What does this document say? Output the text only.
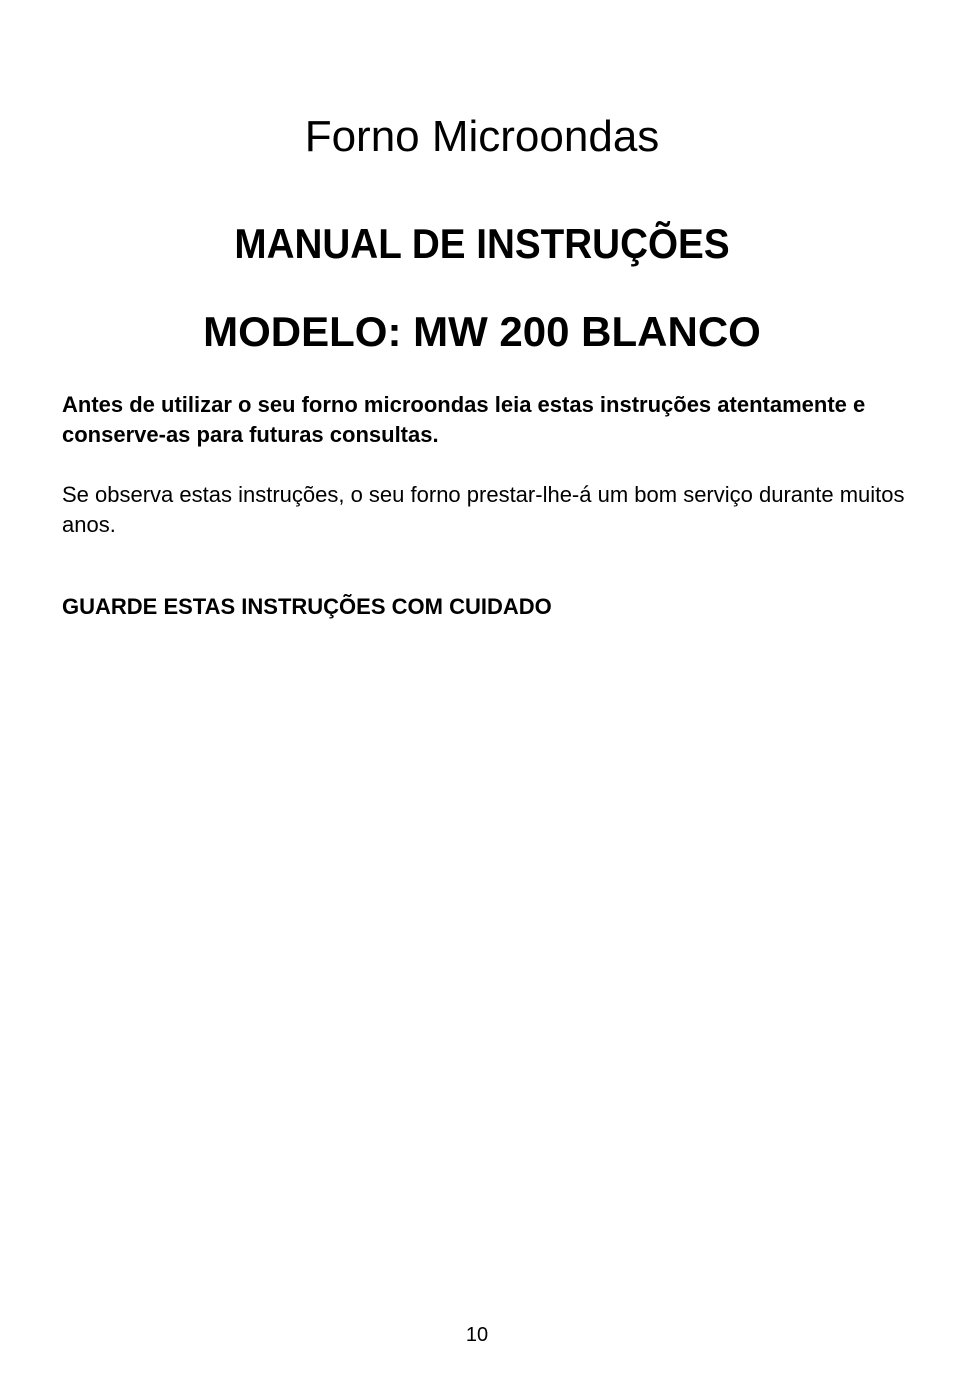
Forno Microondas

MANUAL DE INSTRUÇÕES
MODELO: MW 200 BLANCO

Antes de utilizar o seu forno microondas leia estas instruções atentamente e conserve-as para futuras consultas.

Se observa estas instruções, o seu forno prestar-lhe-á um bom serviço durante muitos anos.

GUARDE ESTAS INSTRUÇÕES COM CUIDADO

10
